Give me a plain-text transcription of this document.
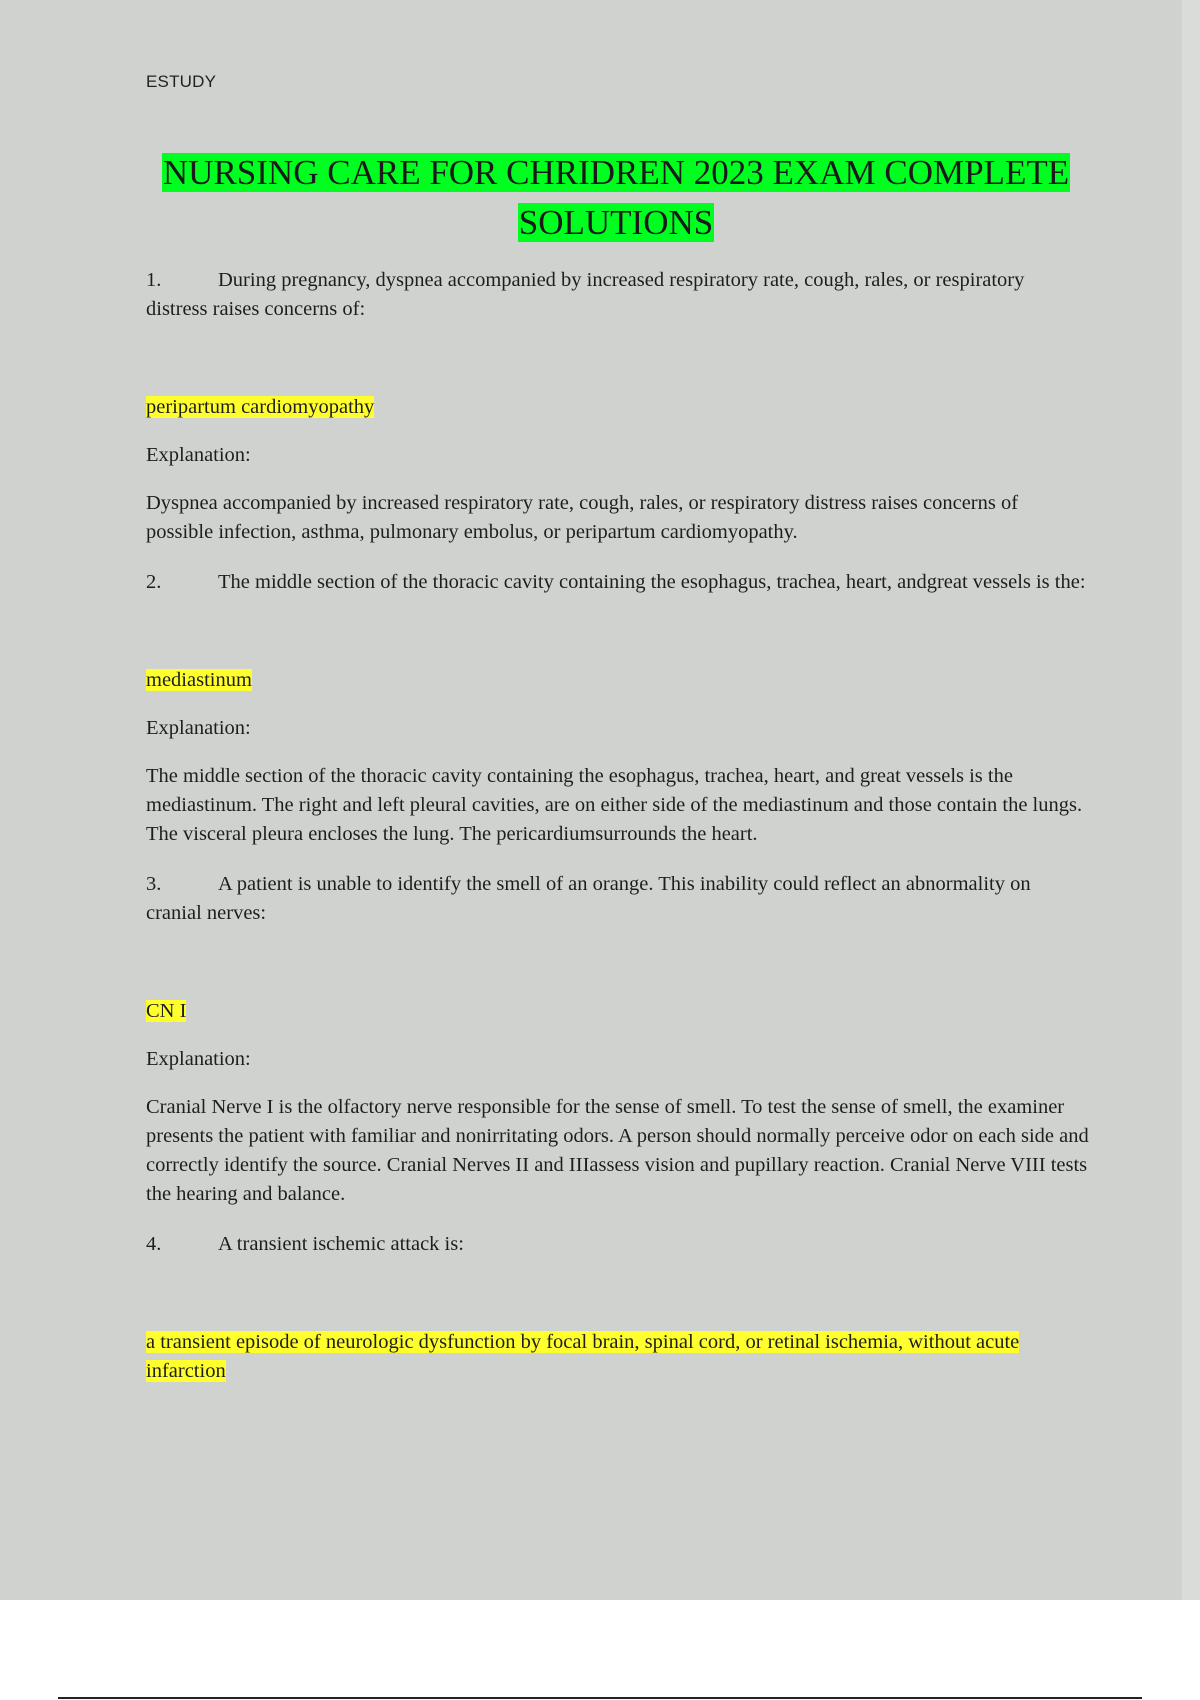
ESTUDY
NURSING CARE FOR CHRIDREN 2023 EXAM COMPLETE
SOLUTIONS

1.	During pregnancy, dyspnea accompanied by increased respiratory rate, cough, rales, or respiratory distress raises concerns of:

peripartum cardiomyopathy

Explanation:

Dyspnea accompanied by increased respiratory rate, cough, rales, or respiratory distress raises concerns of possible infection, asthma, pulmonary embolus, or peripartum cardiomyopathy.

2.	The middle section of the thoracic cavity containing the esophagus, trachea, heart, andgreat vessels is the:

mediastinum

Explanation:

The middle section of the thoracic cavity containing the esophagus, trachea, heart, and great vessels is the mediastinum. The right and left pleural cavities, are on either side of the mediastinum and those contain the lungs. The visceral pleura encloses the lung. The pericardiumsurrounds the heart.

3.	A patient is unable to identify the smell of an orange. This inability could reflect an abnormality on cranial nerves:

CN I

Explanation:

Cranial Nerve I is the olfactory nerve responsible for the sense of smell. To test the sense of smell, the examiner presents the patient with familiar and nonirritating odors. A person should normally perceive odor on each side and correctly identify the source. Cranial Nerves II and IIIassess vision and pupillary reaction. Cranial Nerve VIII tests the hearing and balance.

4.	A transient ischemic attack is:

a transient episode of neurologic dysfunction by focal brain, spinal cord, or retinal ischemia, without acute infarction
